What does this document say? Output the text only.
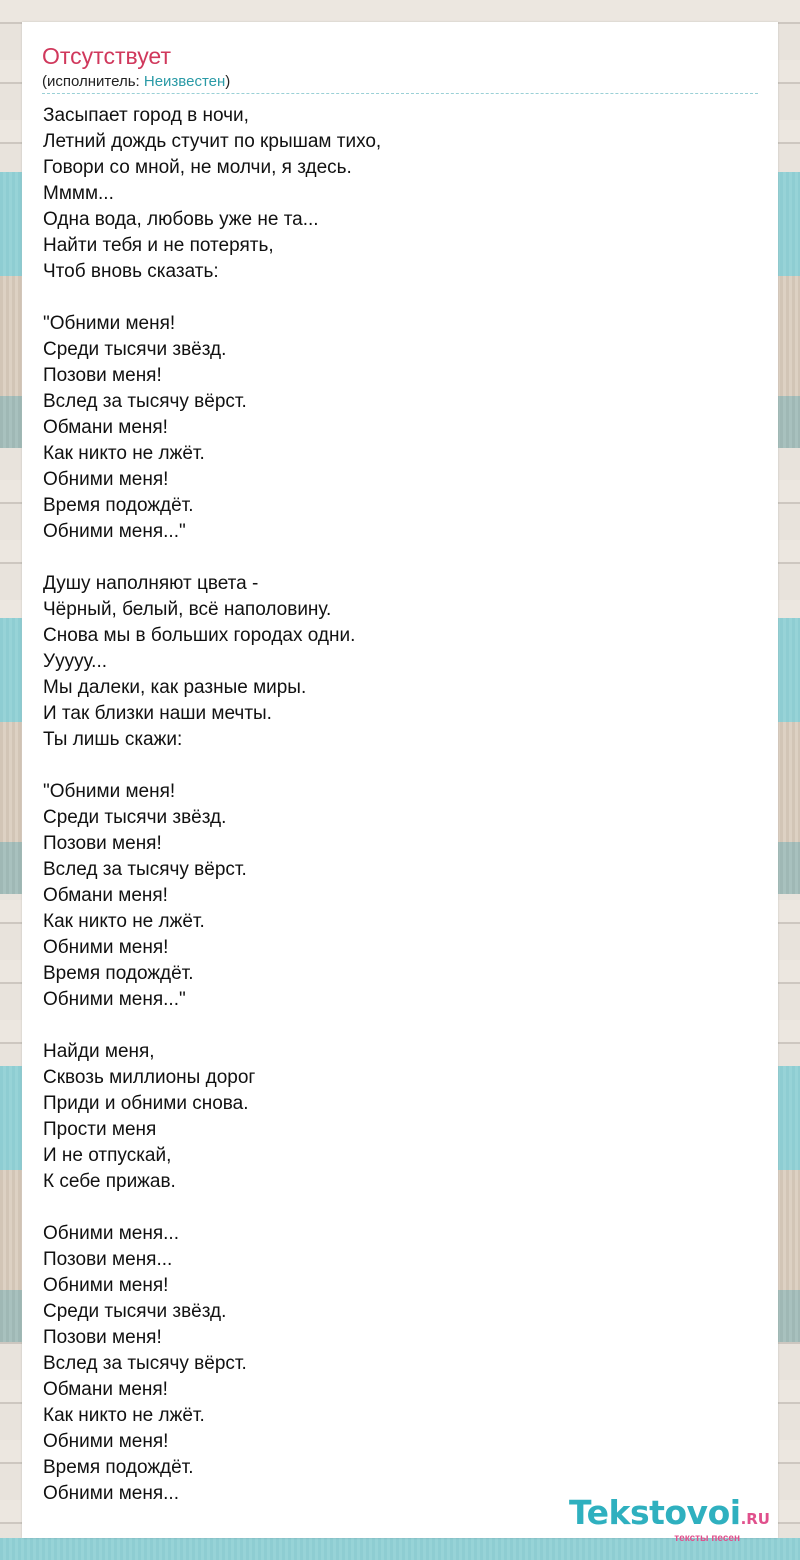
Отсутствует
(исполнитель: Неизвестен)
Засыпает город в ночи,
Летний дождь стучит по крышам тихо,
Говори со мной, не молчи, я здесь.
Мммм...
Одна вода, любовь уже не та...
Найти тебя и не потерять,
Чтоб вновь сказать:

"Обними меня!
Среди тысячи звёзд.
Позови меня!
Вслед за тысячу вёрст.
Обмани меня!
Как никто не лжёт.
Обними меня!
Время подождёт.
Обними меня..."

Душу наполняют цвета -
Чёрный, белый, всё наполовину.
Снова мы в больших городах одни.
Ууууу...
Мы далеки, как разные миры.
И так близки наши мечты.
Ты лишь скажи:

"Обними меня!
Среди тысячи звёзд.
Позови меня!
Вслед за тысячу вёрст.
Обмани меня!
Как никто не лжёт.
Обними меня!
Время подождёт.
Обними меня..."

Найди меня,
Сквозь миллионы дорог
Приди и обними снова.
Прости меня
И не отпускай,
К себе прижав.

Обними меня...
Позови меня...
Обними меня!
Среди тысячи звёзд.
Позови меня!
Вслед за тысячу вёрст.
Обмани меня!
Как никто не лжёт.
Обними меня!
Время подождёт.
Обними меня...	Tekstovoi.RU
тексты песен
